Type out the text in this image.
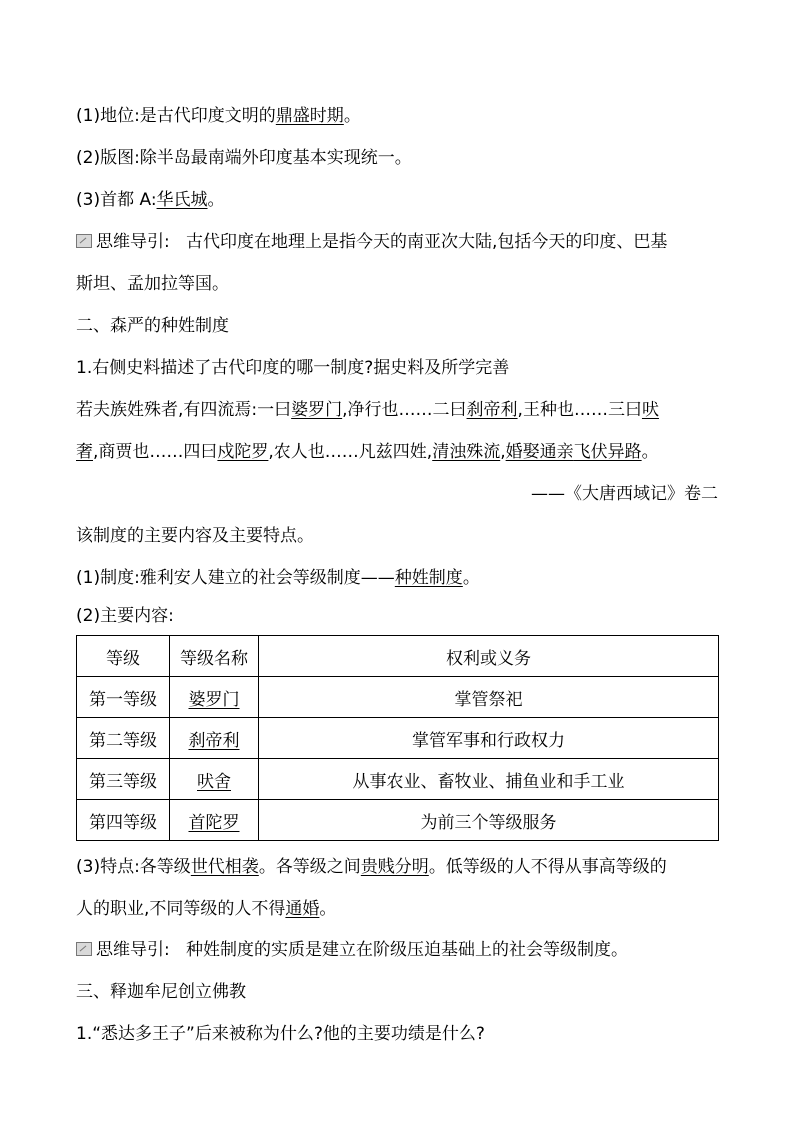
(1)地位:是古代印度文明的鼎盛时期。
(2)版图:除半岛最南端外印度基本实现统一。
(3)首都 A:华氏城。
思维导引: 古代印度在地理上是指今天的南亚次大陆,包括今天的印度、巴基
斯坦、孟加拉等国。
二、森严的种姓制度
1.右侧史料描述了古代印度的哪一制度?据史料及所学完善
若夫族姓殊者,有四流焉:一曰婆罗门,净行也……二曰刹帝利,王种也……三曰吠
奢,商贾也……四曰戍陀罗,农人也……凡兹四姓,清浊殊流,婚娶通亲飞伏异路。
——《大唐西域记》卷二
该制度的主要内容及主要特点。
(1)制度:雅利安人建立的社会等级制度——种姓制度。
(2)主要内容:
等级	等级名称	权利或义务
第一等级	婆罗门	掌管祭祀
第二等级	刹帝利	掌管军事和行政权力
第三等级	吠舍	从事农业、畜牧业、捕鱼业和手工业
第四等级	首陀罗	为前三个等级服务
(3)特点:各等级世代相袭。各等级之间贵贱分明。低等级的人不得从事高等级的
人的职业,不同等级的人不得通婚。
思维导引: 种姓制度的实质是建立在阶级压迫基础上的社会等级制度。
三、释迦牟尼创立佛教
1.“悉达多王子”后来被称为什么?他的主要功绩是什么?
